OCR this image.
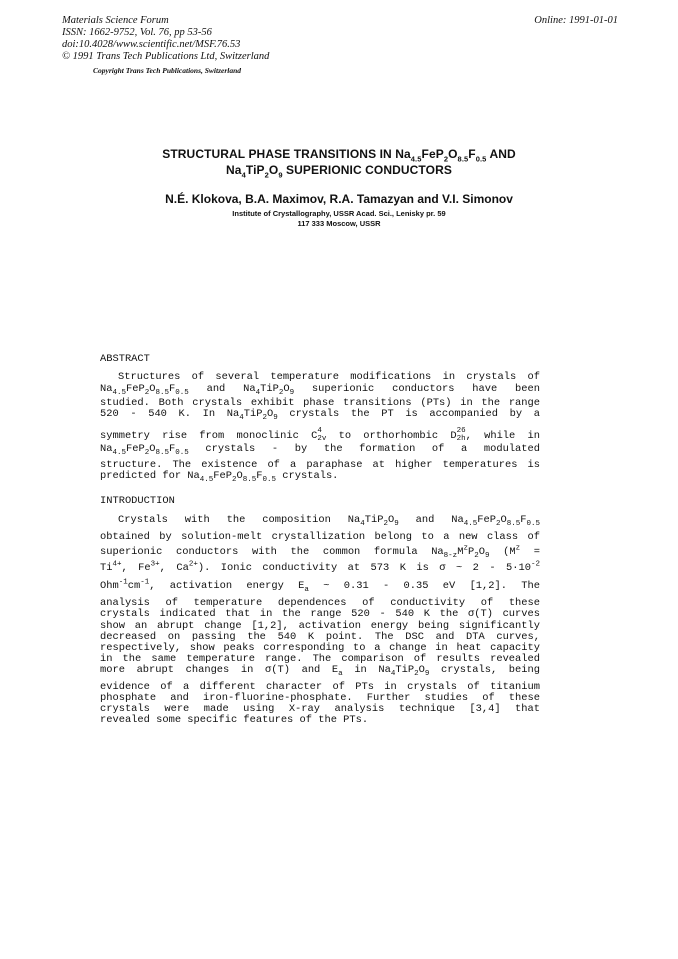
Materials Science Forum
ISSN: 1662-9752, Vol. 76, pp 53-56
doi:10.4028/www.scientific.net/MSF.76.53
© 1991 Trans Tech Publications Ltd, Switzerland
Copyright Trans Tech Publications, Switzerland
Online: 1991-01-01
STRUCTURAL PHASE TRANSITIONS IN $Na_{4.5}FeP_2O_{8.5}F_{0.5}$ AND
$Na_4TiP_2O_9$ SUPERIONIC CONDUCTORS
N.É. Klokova, B.A. Maximov, R.A. Tamazyan and V.I. Simonov
Institute of Crystallography, USSR Acad. Sci., Lenisky pr. 59
117 333 Moscow, USSR
ABSTRACT
Structures of several temperature modifications in crystals of
$Na_{4.5}FeP_2O_{8.5}F_{0.5}$ and $Na_4TiP_2O_9$ superionic conductors have been
studied. Both crystals exhibit phase transitions (PTs) in the range
520 - 540 K. In $Na_4TiP_2O_9$ crystals the PT is accompanied by a
symmetry rise from monoclinic C 4
2v to orthorhombic D 26
2h , while in
$Na_{4.5}FeP_2O_{8.5}F_{0.5}$ crystals - by the formation of a modulated
structure. The existence of a paraphase at higher temperatures is
predicted for $Na_{4.5}FeP_2O_{8.5}F_{0.5}$ crystals.
INTRODUCTION
Crystals with the composition $Na_4TiP_2O_9$ and $Na_{4.5}FeP_2O_{8.5}F_{0.5}$
obtained by solution-melt crystallization belong to a new class of
superionic conductors with the common formula $Na_{8-z}M^zP_2O_9$ ($M^z$ =
$Ti^{4+}$, $Fe^{3+}$, $Ca^{2+}$). Ionic conductivity at 573 K is σ ~ $2 - 5\cdot 10^{-2}$
$Ohm^{-1}cm^{-1}$, activation energy $E_a$ ~ 0.31 - 0.35 eV [1,2]. The
analysis of temperature dependences of conductivity of these
crystals indicated that in the range 520 - 540 K the σ(T) curves
show an abrupt change [1,2], activation energy being significantly
decreased on passing the 540 K point. The DSC and DTA curves,
respectively, show peaks corresponding to a change in heat capacity
in the same temperature range. The comparison of results revealed
more abrupt changes in σ(T) and $E_a$ in $Na_4TiP_2O_9$ crystals, being
evidence of a different character of PTs in crystals of titanium
phosphate and iron-fluorine-phosphate. Further studies of these
crystals were made using X-ray analysis technique [3,4] that
revealed some specific features of the PTs.
